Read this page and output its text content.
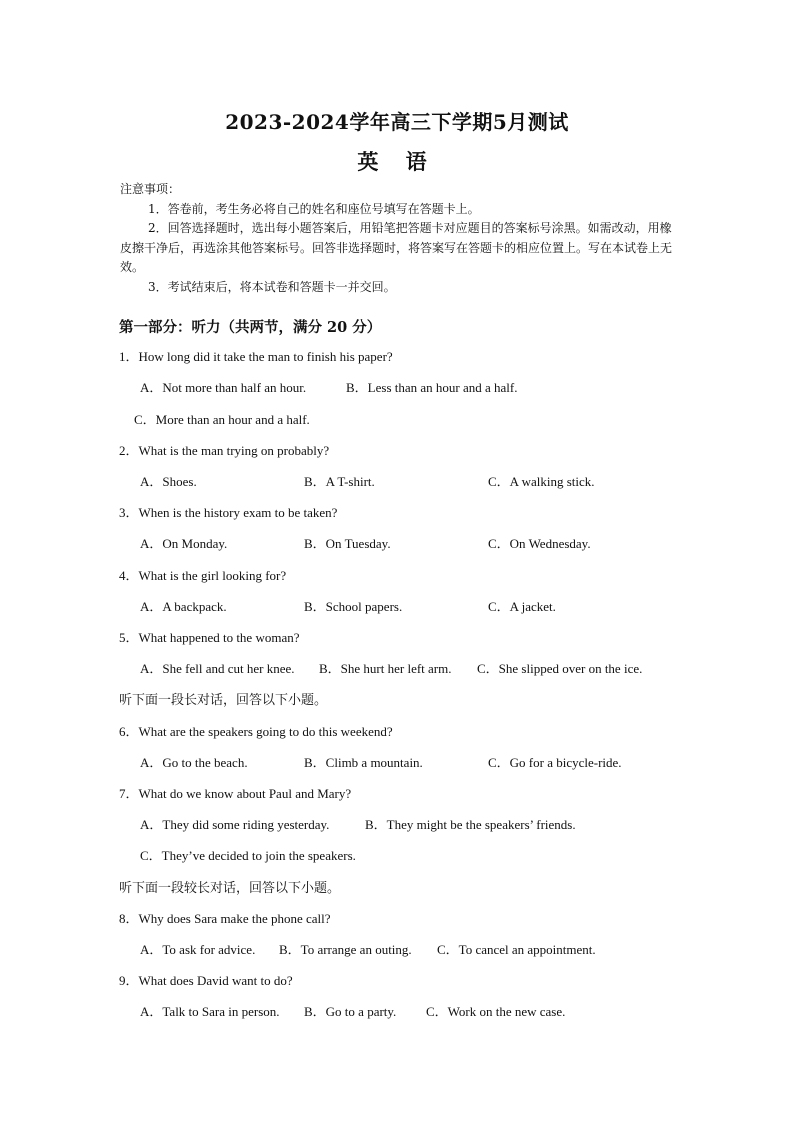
2023-2024学年高三下学期5月测试
英 语

注意事项：

1．答卷前，考生务必将自己的姓名和座位号填写在答题卡上。

2．回答选择题时，选出每小题答案后，用铅笔把答题卡对应题目的答案标号涂黑。如需改动，用橡皮擦干净后，再选涂其他答案标号。回答非选择题时，将答案写在答题卡的相应位置上。写在本试卷上无效。

3．考试结束后，将本试卷和答题卡一并交回。

第一部分：听力（共两节，满分 20 分）
1．How long did it take the man to finish his paper?
A．Not more than half an hour.	B．Less than an hour and a half.
C．More than an hour and a half.
2．What is the man trying on probably?
A．Shoes.	B．A T-shirt.	C．A walking stick.
3．When is the history exam to be taken?
A．On Monday.	B．On Tuesday.	C．On Wednesday.
4．What is the girl looking for?
A．A backpack.	B．School papers.	C．A jacket.
5．What happened to the woman?
A．She fell and cut her knee. B．She hurt her left arm. C．She slipped over on the ice.
听下面一段长对话，回答以下小题。
6．What are the speakers going to do this weekend?
A．Go to the beach.	B．Climb a mountain.	C．Go for a bicycle-ride.
7．What do we know about Paul and Mary?
A．They did some riding yesterday.	B．They might be the speakers’ friends.
C．They’ve decided to join the speakers.
听下面一段较长对话，回答以下小题。
8．Why does Sara make the phone call?
A．To ask for advice. B．To arrange an outing. C．To cancel an appointment.
9．What does David want to do?
A．Talk to Sara in person. B．Go to a party. C．Work on the new case.
